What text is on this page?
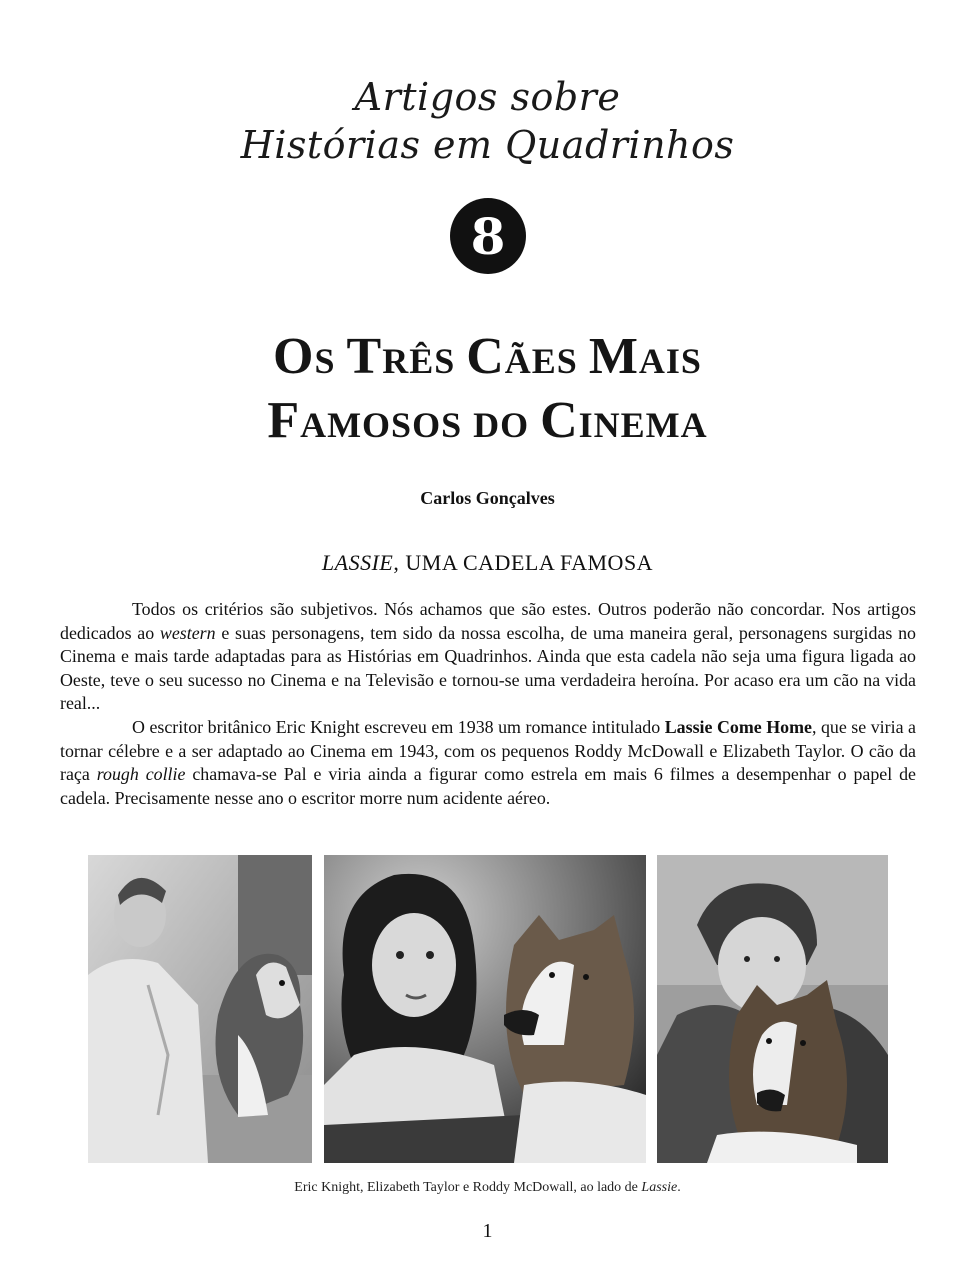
Artigos sobre
Histórias em Quadrinhos
8
Os Três Cães Mais
Famosos do Cinema
Carlos Gonçalves
LASSIE, UMA CADELA FAMOSA

Todos os critérios são subjetivos. Nós achamos que são estes. Outros poderão não concordar. Nos artigos dedicados ao western e suas personagens, tem sido da nossa escolha, de uma maneira geral, personagens surgidas no Cinema e mais tarde adaptadas para as Histórias em Quadrinhos. Ainda que esta cadela não seja uma figura ligada ao Oeste, teve o seu sucesso no Cinema e na Televisão e tornou-se uma verdadeira heroína. Por acaso era um cão na vida real...

O escritor britânico Eric Knight escreveu em 1938 um romance intitulado Lassie Come Home, que se viria a tornar célebre e a ser adaptado ao Cinema em 1943, com os pequenos Roddy McDowall e Elizabeth Taylor. O cão da raça rough collie chamava-se Pal e viria ainda a figurar como estrela em mais 6 filmes a desempenhar o papel de cadela. Precisamente nesse ano o escritor morre num acidente aéreo.

Eric Knight, Elizabeth Taylor e Roddy McDowall, ao lado de Lassie.
1
